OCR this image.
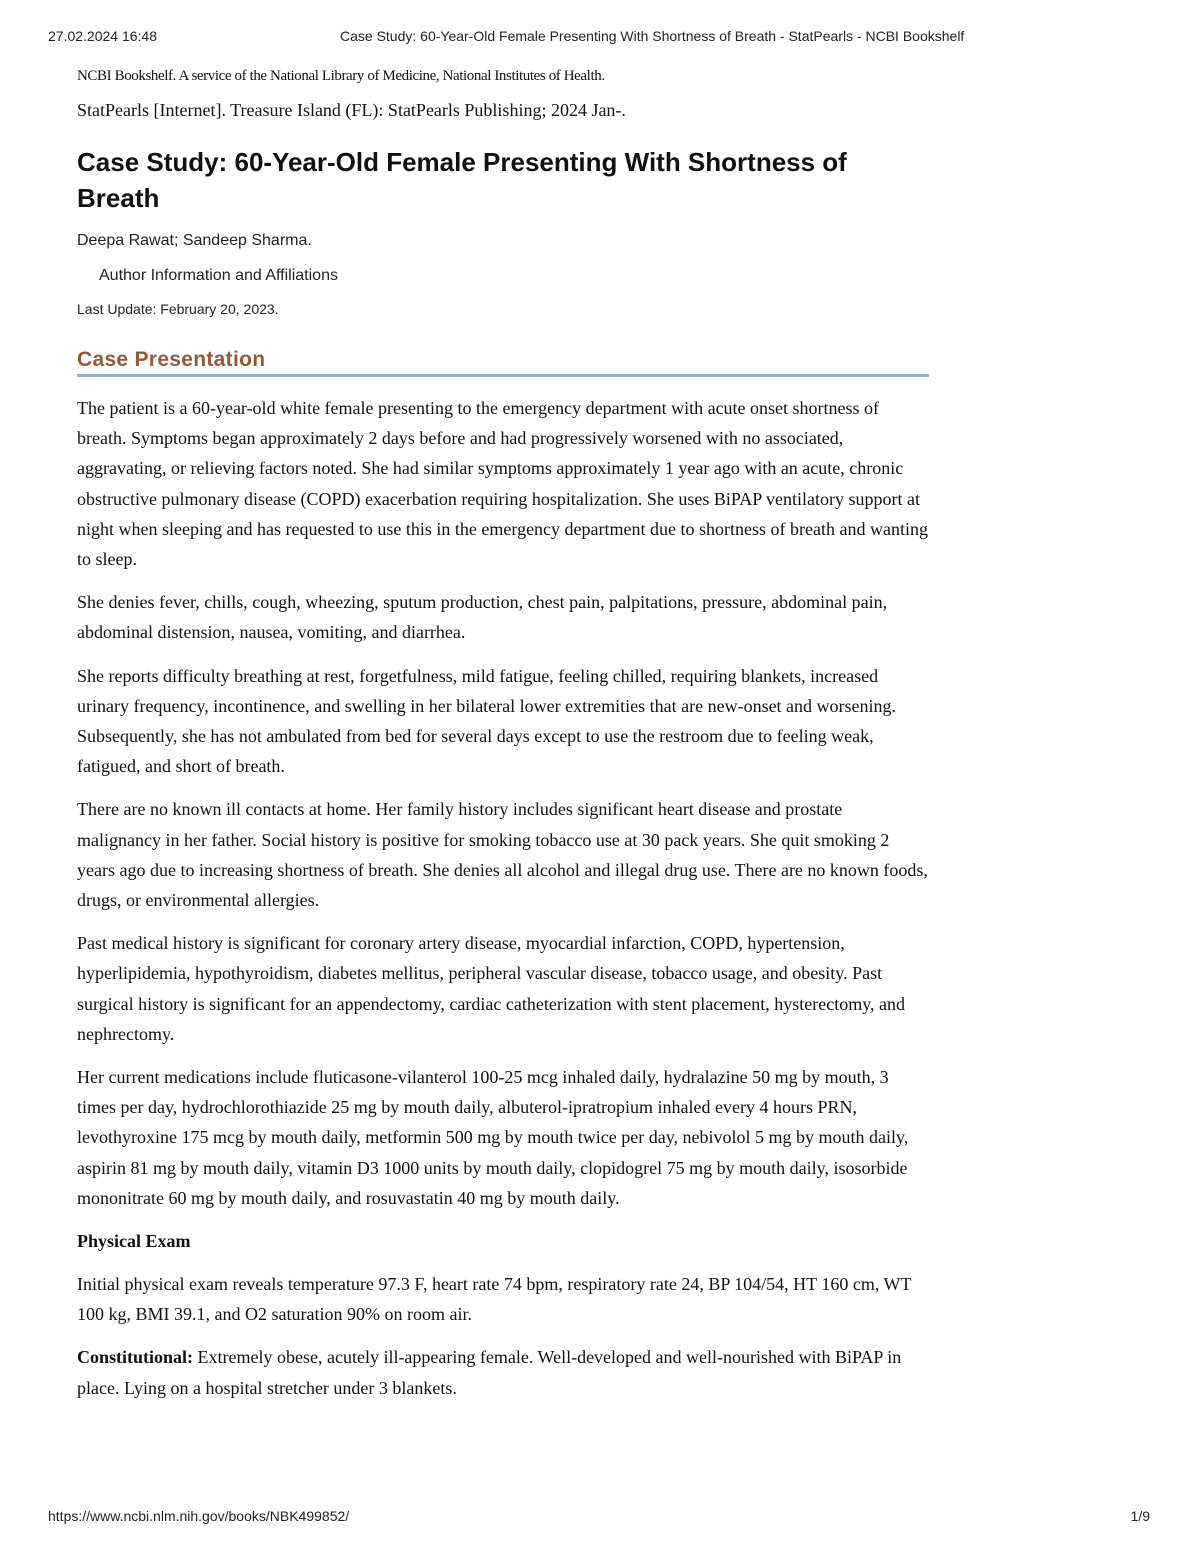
27.02.2024 16:48	Case Study: 60-Year-Old Female Presenting With Shortness of Breath - StatPearls - NCBI Bookshelf
NCBI Bookshelf. A service of the National Library of Medicine, National Institutes of Health.
StatPearls [Internet]. Treasure Island (FL): StatPearls Publishing; 2024 Jan-.
Case Study: 60-Year-Old Female Presenting With Shortness of Breath
Deepa Rawat; Sandeep Sharma.
Author Information and Affiliations
Last Update: February 20, 2023.
Case Presentation

The patient is a 60-year-old white female presenting to the emergency department with acute onset shortness of breath. Symptoms began approximately 2 days before and had progressively worsened with no associated, aggravating, or relieving factors noted. She had similar symptoms approximately 1 year ago with an acute, chronic obstructive pulmonary disease (COPD) exacerbation requiring hospitalization. She uses BiPAP ventilatory support at night when sleeping and has requested to use this in the emergency department due to shortness of breath and wanting to sleep.

She denies fever, chills, cough, wheezing, sputum production, chest pain, palpitations, pressure, abdominal pain, abdominal distension, nausea, vomiting, and diarrhea.

She reports difficulty breathing at rest, forgetfulness, mild fatigue, feeling chilled, requiring blankets, increased urinary frequency, incontinence, and swelling in her bilateral lower extremities that are new-onset and worsening. Subsequently, she has not ambulated from bed for several days except to use the restroom due to feeling weak, fatigued, and short of breath.

There are no known ill contacts at home. Her family history includes significant heart disease and prostate malignancy in her father. Social history is positive for smoking tobacco use at 30 pack years. She quit smoking 2 years ago due to increasing shortness of breath. She denies all alcohol and illegal drug use. There are no known foods, drugs, or environmental allergies.

Past medical history is significant for coronary artery disease, myocardial infarction, COPD, hypertension, hyperlipidemia, hypothyroidism, diabetes mellitus, peripheral vascular disease, tobacco usage, and obesity. Past surgical history is significant for an appendectomy, cardiac catheterization with stent placement, hysterectomy, and nephrectomy.

Her current medications include fluticasone-vilanterol 100-25 mcg inhaled daily, hydralazine 50 mg by mouth, 3 times per day, hydrochlorothiazide 25 mg by mouth daily, albuterol-ipratropium inhaled every 4 hours PRN, levothyroxine 175 mcg by mouth daily, metformin 500 mg by mouth twice per day, nebivolol 5 mg by mouth daily, aspirin 81 mg by mouth daily, vitamin D3 1000 units by mouth daily, clopidogrel 75 mg by mouth daily, isosorbide mononitrate 60 mg by mouth daily, and rosuvastatin 40 mg by mouth daily.

Physical Exam

Initial physical exam reveals temperature 97.3 F, heart rate 74 bpm, respiratory rate 24, BP 104/54, HT 160 cm, WT 100 kg, BMI 39.1, and O2 saturation 90% on room air.

Constitutional: Extremely obese, acutely ill-appearing female. Well-developed and well-nourished with BiPAP in place. Lying on a hospital stretcher under 3 blankets.

https://www.ncbi.nlm.nih.gov/books/NBK499852/	1/9
